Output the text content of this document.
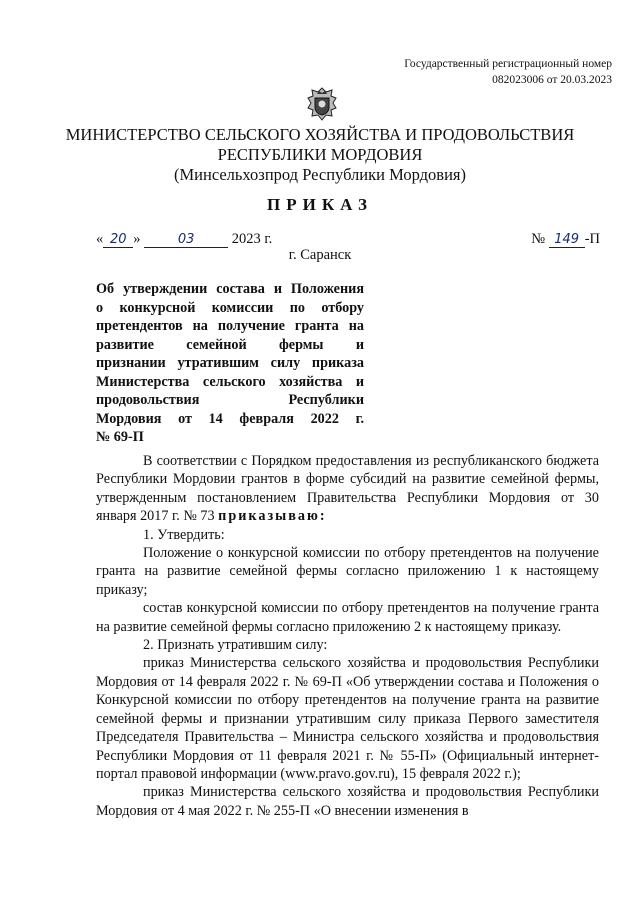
Государственный регистрационный номер
082023006 от 20.03.2023
МИНИСТЕРСТВО СЕЛЬСКОГО ХОЗЯЙСТВА И ПРОДОВОЛЬСТВИЯ
РЕСПУБЛИКИ МОРДОВИЯ
(Минсельхозпрод Республики Мордовия)
ПРИКАЗ
« 20 »	03	2023 г.	№ 149 -П
г. Саранск
Об утверждении состава и Положения
о конкурсной комиссии по отбору
претендентов на получение гранта на
развитие семейной фермы и
признании утратившим силу приказа
Министерства сельского хозяйства и
продовольствия Республики
Мордовия от 14 февраля 2022 г.
№ 69-П

В соответствии с Порядком предоставления из республиканского бюджета Республики Мордовии грантов в форме субсидий на развитие семейной фермы, утвержденным постановлением Правительства Республики Мордовия от 30 января 2017 г. № 73 приказываю:

1. Утвердить:

Положение о конкурсной комиссии по отбору претендентов на получение гранта на развитие семейной фермы согласно приложению 1 к настоящему приказу;

состав конкурсной комиссии по отбору претендентов на получение гранта на развитие семейной фермы согласно приложению 2 к настоящему приказу.

2. Признать утратившим силу:

приказ Министерства сельского хозяйства и продовольствия Республики Мордовия от 14 февраля 2022 г. № 69-П «Об утверждении состава и Положения о Конкурсной комиссии по отбору претендентов на получение гранта на развитие семейной фермы и признании утратившим силу приказа Первого заместителя Председателя Правительства – Министра сельского хозяйства и продовольствия Республики Мордовия от 11 февраля 2021 г. № 55-П» (Официальный интернет-портал правовой информации (www.pravo.gov.ru), 15 февраля 2022 г.);

приказ Министерства сельского хозяйства и продовольствия Республики Мордовия от 4 мая 2022 г. № 255-П «О внесении изменения в
